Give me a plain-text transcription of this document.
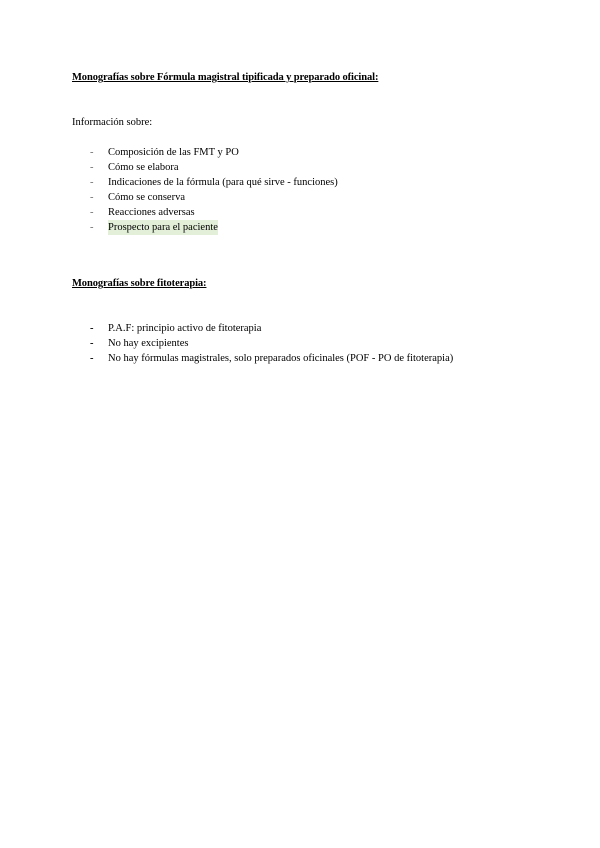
Monografías sobre Fórmula magistral tipificada y preparado oficinal:
Información sobre:
- Composición de las FMT y PO
- Cómo se elabora
- Indicaciones de la fórmula (para qué sirve - funciones)
- Cómo se conserva
- Reacciones adversas
- Prospecto para el paciente
Monografías sobre fitoterapia:
- P.A.F: principio activo de fitoterapia
- No hay excipientes
- No hay fórmulas magistrales, solo preparados oficinales (POF - PO de fitoterapia)
